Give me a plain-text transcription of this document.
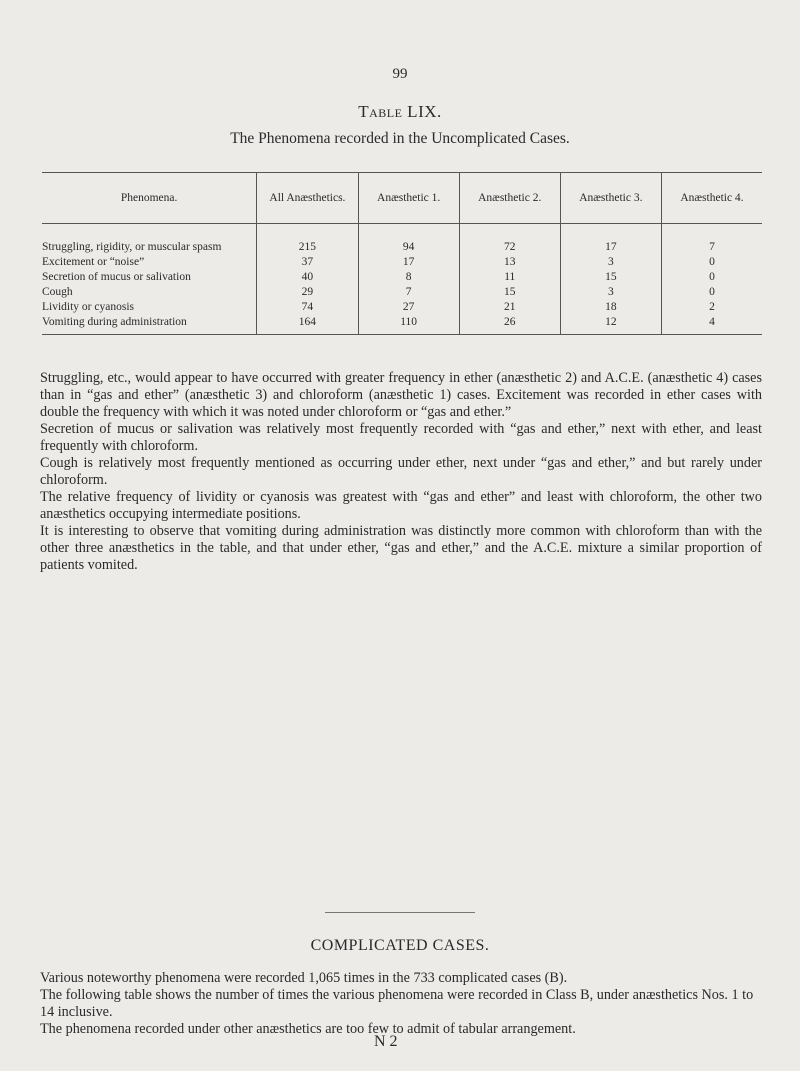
99
Table LIX.
The Phenomena recorded in the Uncomplicated Cases.
Phenomena.	All Anæsthetics.	Anæsthetic 1.	Anæsthetic 2.	Anæsthetic 3.	Anæsthetic 4.
Struggling, rigidity, or muscular spasm	215	94	72	17	7
Excitement or “noise”	37	17	13	3	0
Secretion of mucus or salivation	40	8	11	15	0
Cough	29	7	15	3	0
Lividity or cyanosis	74	27	21	18	2
Vomiting during administration	164	110	26	12	4

Struggling, etc., would appear to have occurred with greater frequency in ether (anæsthetic 2) and A.C.E. (anæsthetic 4) cases than in “gas and ether” (anæsthetic 3) and chloroform (anæsthetic 1) cases. Excitement was recorded in ether cases with double the frequency with which it was noted under chloroform or “gas and ether.”

Secretion of mucus or salivation was relatively most frequently recorded with “gas and ether,” next with ether, and least frequently with chloroform.

Cough is relatively most frequently mentioned as occurring under ether, next under “gas and ether,” and but rarely under chloroform.

The relative frequency of lividity or cyanosis was greatest with “gas and ether” and least with chloroform, the other two anæsthetics occupying intermediate positions.

It is interesting to observe that vomiting during administration was distinctly more common with chloroform than with the other three anæsthetics in the table, and that under ether, “gas and ether,” and the A.C.E. mixture a similar proportion of patients vomited.

COMPLICATED CASES.

Various noteworthy phenomena were recorded 1,065 times in the 733 complicated cases (B).

The following table shows the number of times the various phenomena were recorded in Class B, under anæsthetics Nos. 1 to 14 inclusive.

The phenomena recorded under other anæsthetics are too few to admit of tabular arrangement.

N 2
